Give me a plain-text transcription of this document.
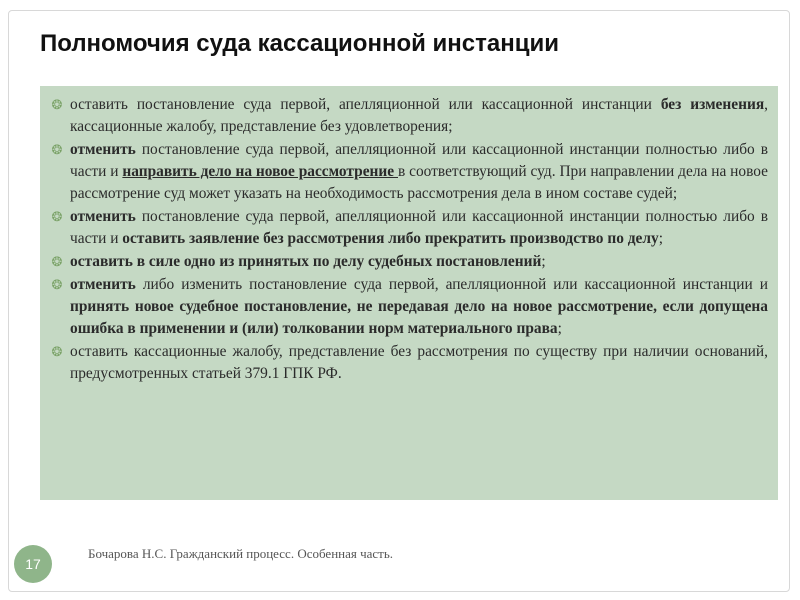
Полномочия суда кассационной инстанции
❂ оставить постановление суда первой, апелляционной или кассационной инстанции без изменения, кассационные жалобу, представление без удовлетворения;
❂ отменить постановление суда первой, апелляционной или кассационной инстанции полностью либо в части и направить дело на новое рассмотрение в соответствующий суд. При направлении дела на новое рассмотрение суд может указать на необходимость рассмотрения дела в ином составе судей;
❂ отменить постановление суда первой, апелляционной или кассационной инстанции полностью либо в части и оставить заявление без рассмотрения либо прекратить производство по делу;
❂ оставить в силе одно из принятых по делу судебных постановлений;
❂ отменить либо изменить постановление суда первой, апелляционной или кассационной инстанции и принять новое судебное постановление, не передавая дело на новое рассмотрение, если допущена ошибка в применении и (или) толковании норм материального права;
❂ оставить кассационные жалобу, представление без рассмотрения по существу при наличии оснований, предусмотренных статьей 379.1 ГПК РФ.
17
Бочарова Н.С. Гражданский процесс. Особенная часть.
